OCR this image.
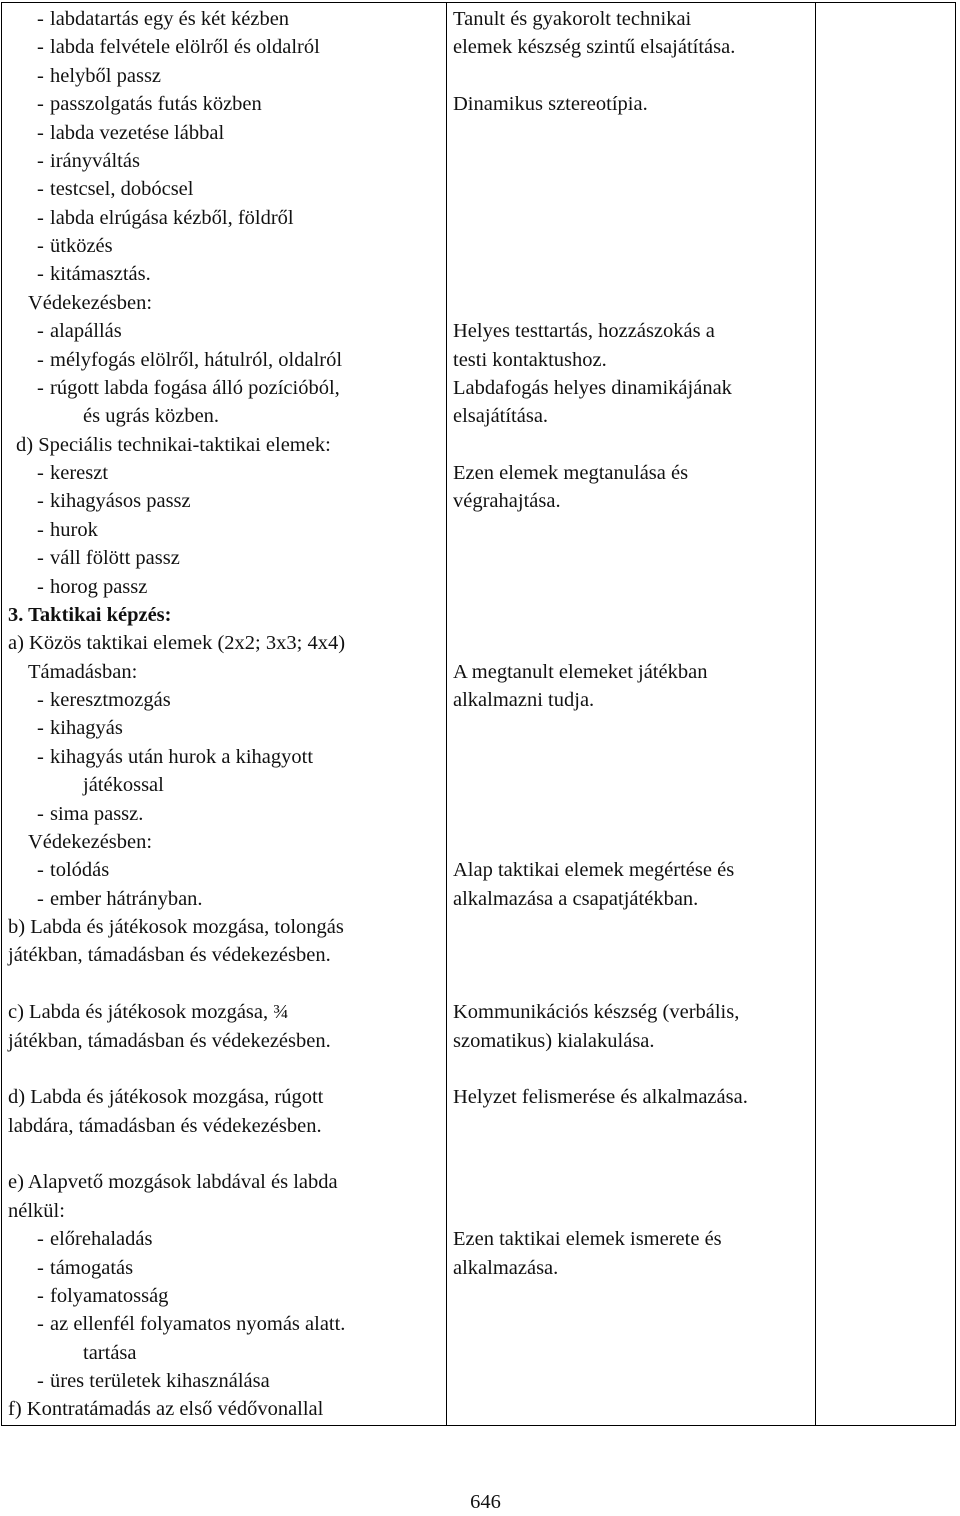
- labdatartás egy és két kézben
- labda felvétele elölről és oldalról
- helyből passz
- passzolgatás futás közben
- labda vezetése lábbal
- irányváltás
- testcsel, dobócsel
- labda elrúgása kézből, földről
- ütközés
- kitámasztás.
Védekezésben:
- alapállás
- mélyfogás elölről, hátulról, oldalról
- rúgott labda fogása álló pozícióból,
és ugrás közben.
d) Speciális technikai-taktikai elemek:
- kereszt
- kihagyásos passz
- hurok
- váll fölött passz
- horog passz
3. Taktikai képzés:
a) Közös taktikai elemek (2x2; 3x3; 4x4)
Támadásban:
- keresztmozgás
- kihagyás
- kihagyás után hurok a kihagyott
játékossal
- sima passz.
Védekezésben:
- tolódás
- ember hátrányban.
b) Labda és játékosok mozgása, tolongás
játékban, támadásban és védekezésben.
c) Labda és játékosok mozgása, ¾
játékban, támadásban és védekezésben.
d) Labda és játékosok mozgása, rúgott
labdára, támadásban és védekezésben.
e) Alapvető mozgások labdával és labda
nélkül:
- előrehaladás
- támogatás
- folyamatosság
- az ellenfél folyamatos nyomás alatt.
tartása
- üres területek kihasználása
f) Kontratámadás az első védővonallal
Tanult és gyakorolt technikai
elemek készség szintű elsajátítása.
Dinamikus sztereotípia.
Helyes testtartás, hozzászokás a
testi kontaktushoz.
Labdafogás helyes dinamikájának
elsajátítása.
Ezen elemek megtanulása és
végrahajtása.
A megtanult elemeket játékban
alkalmazni tudja.
Alap taktikai elemek megértése és
alkalmazása a csapatjátékban.
Kommunikációs készség (verbális,
szomatikus) kialakulása.
Helyzet felismerése és alkalmazása.
Ezen taktikai elemek ismerete és
alkalmazása.
646
